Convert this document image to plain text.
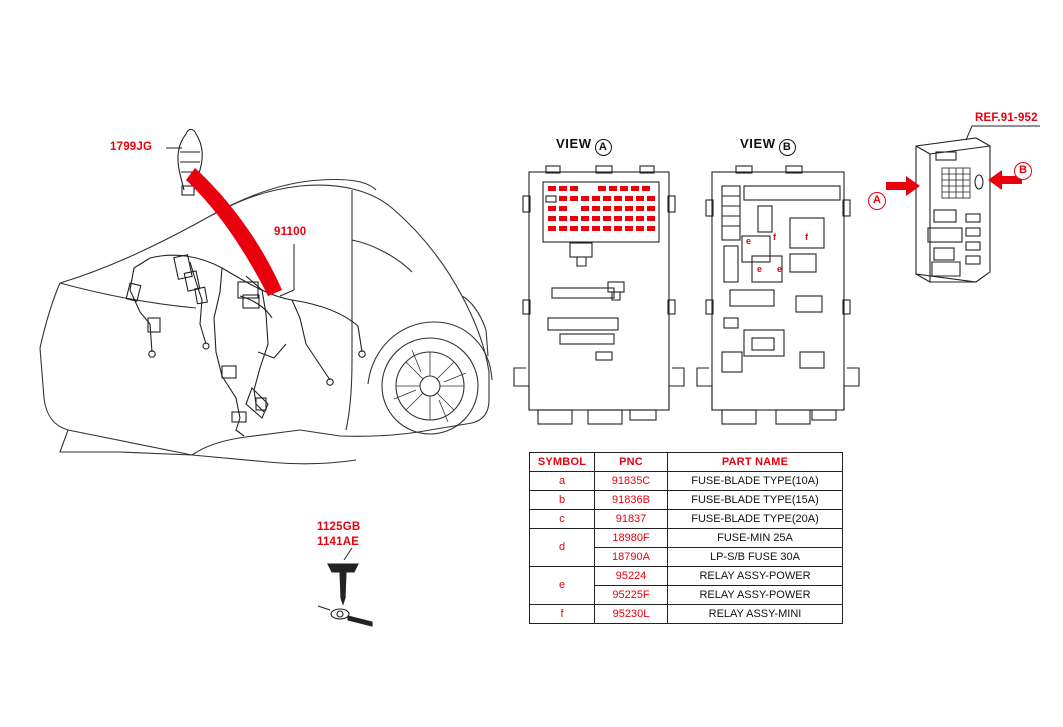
1799JG
91100
1125GB
1141AE
REF.91-952
VIEW A	VIEW B
A
B
e f	f
e e
SYMBOL	PNC	PART NAME
a	91835C	FUSE-BLADE TYPE(10A)
b	91836B	FUSE-BLADE TYPE(15A)
c	91837	FUSE-BLADE TYPE(20A)
d	18980F	FUSE-MIN 25A
	18790A	LP-S/B FUSE 30A
e	95224	RELAY ASSY-POWER
	95225F	RELAY ASSY-POWER
f	95230L	RELAY ASSY-MINI
